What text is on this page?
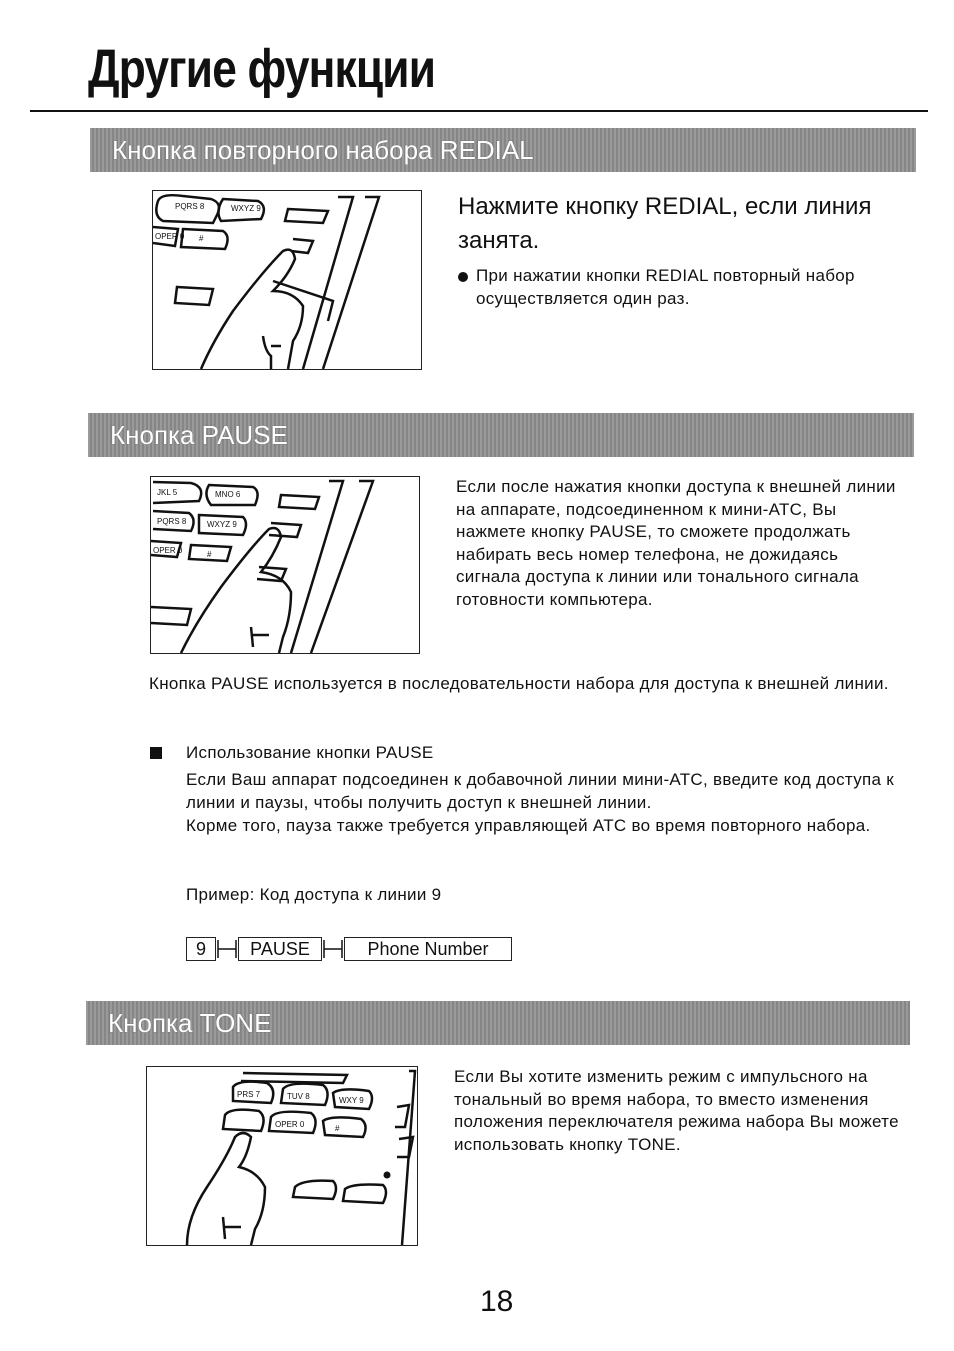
Другие функции
Кнопка повторного набора REDIAL
PQRS 8	WXYZ 9
OPER 0 #
Нажмите кнопку REDIAL, если линия занята.
При нажатии кнопки REDIAL повторный набор осуществляется один раз.
Кнопка PAUSE
JKL 5	MNO 6
PQRS 8	WXYZ 9
OPER 0	#
Если после нажатия кнопки доступа к внешней линии на аппарате, подсоединенном к мини-АТС, Вы нажмете кнопку PAUSE, то сможете продолжать набирать весь номер телефона, не дожидаясь сигнала доступа к линии или тонального сигнала готовности компьютера.
Кнопка PAUSE используется в последовательности набора для доступа к внешней линии.
Использование кнопки PAUSE
Если Ваш аппарат подсоединен к добавочной линии мини-АТС, введите код доступа к линии и паузы, чтобы получить доступ к внешней линии.
Корме того, пауза также требуется управляющей АТС во время повторного набора.
Пример: Код доступа к линии 9
9	PAUSE	Phone Number
Кнопка TONE
PRS 7	TUV 8	WXY 9
OPER 0	#
Если Вы хотите изменить режим с импульсного на тональный во время набора, то вместо изменения положения переключателя режима набора Вы можете использовать кнопку TONE.
18
